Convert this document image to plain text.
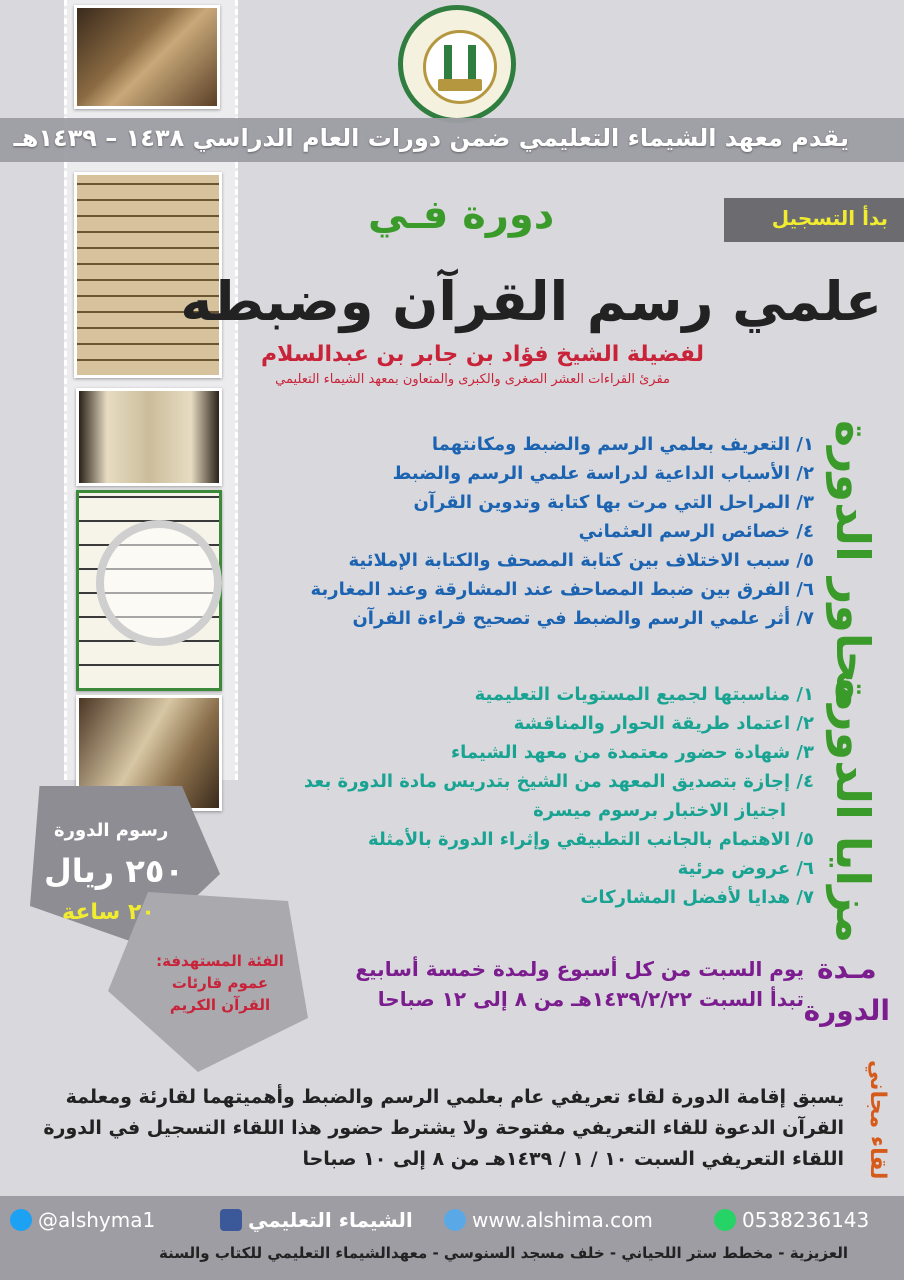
يقدم معهد الشيماء التعليمي ضمن دورات العام الدراسي ١٤٣٨ – ١٤٣٩هـ
بدأ التسجيل
دورة فـي
علمي رسم القرآن وضبطه
لفضيلة الشيخ فؤاد بن جابر بن عبدالسلام
مقرئ القراءات العشر الصغرى والكبرى والمتعاون بمعهد الشيماء التعليمي
محاور الدورة
١/ التعريف بعلمي الرسم والضبط ومكانتهما
٢/ الأسباب الداعية لدراسة علمي الرسم والضبط
٣/ المراحل التي مرت بها كتابة وتدوين القرآن
٤/ خصائص الرسم العثماني
٥/ سبب الاختلاف بين كتابة المصحف والكتابة الإملائية
٦/ الفرق بين ضبط المصاحف عند المشارقة وعند المغاربة
٧/ أثر علمي الرسم والضبط في تصحيح قراءة القرآن
مزايا الدورة
١/ مناسبتها لجميع المستويات التعليمية
٢/ اعتماد طريقة الحوار والمناقشة
٣/ شهادة حضور معتمدة من معهد الشيماء
٤/ إجازة بتصديق المعهد من الشيخ بتدريس مادة الدورة بعد
اجتياز الاختبار برسوم ميسرة
٥/ الاهتمام بالجانب التطبيقي وإثراء الدورة بالأمثلة
٦/ عروض مرئية
٧/ هدايا لأفضل المشاركات
رسوم الدورة
٢٥٠ ريال
٢٠ ساعة
الفئة المستهدفة:
عموم قارئات
القرآن الكريم
مـدة
الدورة
يوم السبت من كل أسبوع ولمدة خمسة أسابيع
تبدأ السبت ١٤٣٩/٢/٢٢هـ من ٨ إلى ١٢ صباحا
لقاء مجاني
يسبق إقامة الدورة لقاء تعريفي عام بعلمي الرسم والضبط وأهميتهما لقارئة ومعلمة
القرآن الدعوة للقاء التعريفي مفتوحة ولا يشترط حضور هذا اللقاء التسجيل في الدورة
اللقاء التعريفي السبت ١٠ / ١ / ١٤٣٩هـ من ٨ إلى ١٠ صباحا
@alshyma1	الشيماء التعليمي	www.alshima.com	0538236143
العزيزية - مخطط ستر اللحياني - خلف مسجد السنوسي - معهدالشيماء التعليمي للكتاب والسنة
